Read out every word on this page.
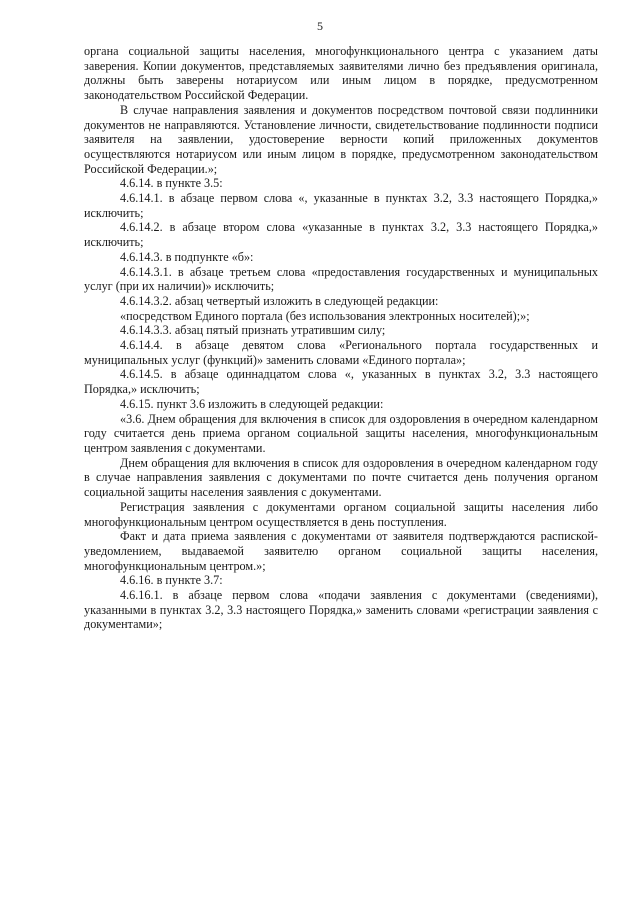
5

органа социальной защиты населения, многофункционального центра с указанием даты заверения. Копии документов, представляемых заявителями лично без предъявления оригинала, должны быть заверены нотариусом или иным лицом в порядке, предусмотренном законодательством Российской Федерации.

В случае направления заявления и документов посредством почтовой связи подлинники документов не направляются. Установление личности, свидетельствование подлинности подписи заявителя на заявлении, удостоверение верности копий приложенных документов осуществляются нотариусом или иным лицом в порядке, предусмотренном законодательством Российской Федерации.»;

4.6.14. в пункте 3.5:

4.6.14.1. в абзаце первом слова «, указанные в пунктах 3.2, 3.3 настоящего Порядка,» исключить;

4.6.14.2. в абзаце втором слова «указанные в пунктах 3.2, 3.3 настоящего Порядка,» исключить;

4.6.14.3. в подпункте «б»:

4.6.14.3.1. в абзаце третьем слова «предоставления государственных и муниципальных услуг (при их наличии)» исключить;

4.6.14.3.2. абзац четвертый изложить в следующей редакции:

«посредством Единого портала (без использования электронных носителей);»;

4.6.14.3.3. абзац пятый признать утратившим силу;

4.6.14.4. в абзаце девятом слова «Регионального портала государственных и муниципальных услуг (функций)» заменить словами «Единого портала»;

4.6.14.5. в абзаце одиннадцатом слова «, указанных в пунктах 3.2, 3.3 настоящего Порядка,» исключить;

4.6.15. пункт 3.6 изложить в следующей редакции:

«3.6. Днем обращения для включения в список для оздоровления в очередном календарном году считается день приема органом социальной защиты населения, многофункциональным центром заявления с документами.

Днем обращения для включения в список для оздоровления в очередном календарном году в случае направления заявления с документами по почте считается день получения органом социальной защиты населения заявления с документами.

Регистрация заявления с документами органом социальной защиты населения либо многофункциональным центром осуществляется в день поступления.

Факт и дата приема заявления с документами от заявителя подтверждаются распиской-уведомлением, выдаваемой заявителю органом социальной защиты населения, многофункциональным центром.»;

4.6.16. в пункте 3.7:

4.6.16.1. в абзаце первом слова «подачи заявления с документами (сведениями), указанными в пунктах 3.2, 3.3 настоящего Порядка,» заменить словами «регистрации заявления с документами»;
